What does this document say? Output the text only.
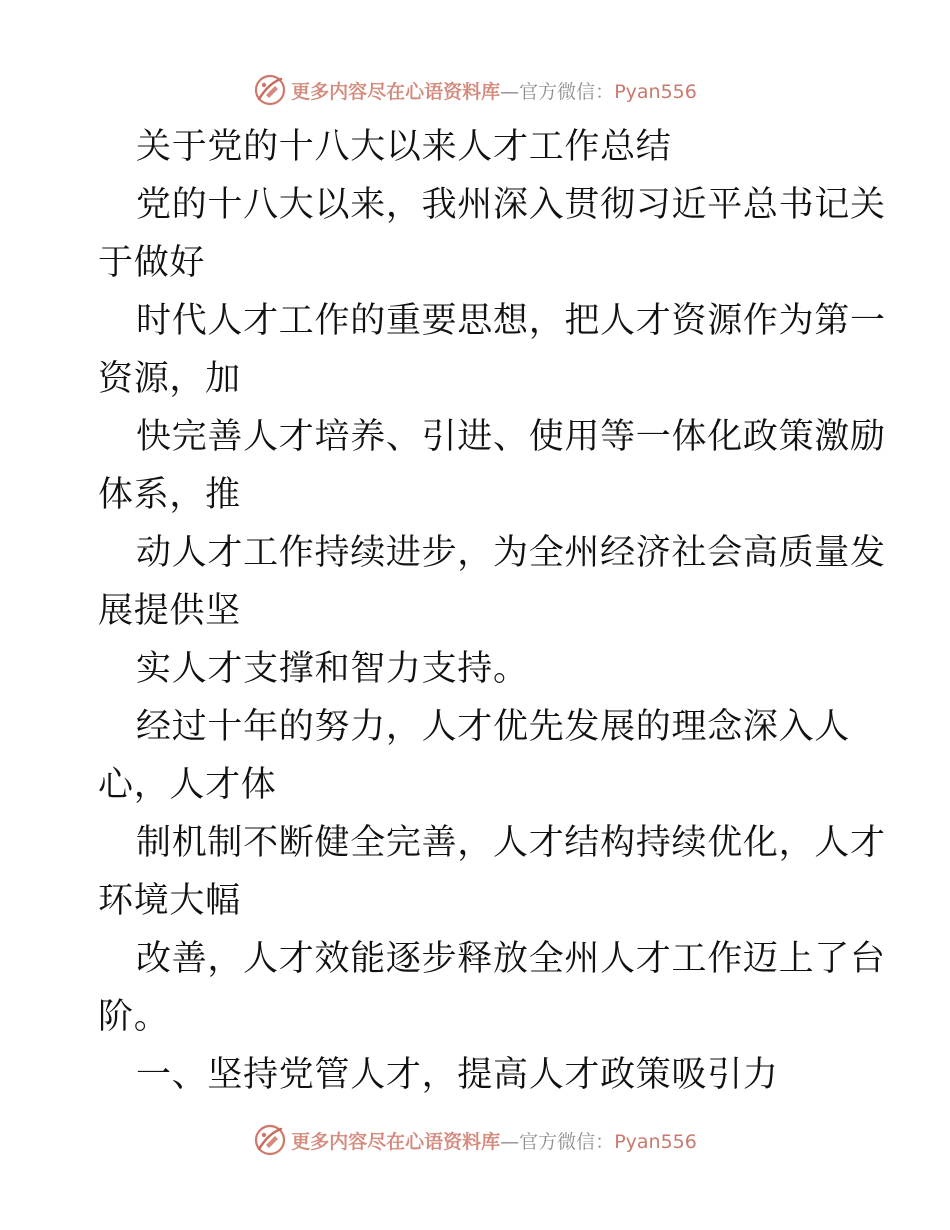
更多内容尽在心语资料库—官方微信：Pyan556
关于党的十八大以来人才工作总结
党的十八大以来，我州深入贯彻习近平总书记关
于做好
时代人才工作的重要思想，把人才资源作为第一
资源，加
快完善人才培养、引进、使用等一体化政策激励
体系，推
动人才工作持续进步，为全州经济社会高质量发
展提供坚
实人才支撑和智力支持。
经过十年的努力，人才优先发展的理念深入人
心，人才体
制机制不断健全完善，人才结构持续优化，人才
环境大幅
改善，人才效能逐步释放全州人才工作迈上了台
阶。
一、坚持党管人才，提高人才政策吸引力
更多内容尽在心语资料库—官方微信：Pyan556
